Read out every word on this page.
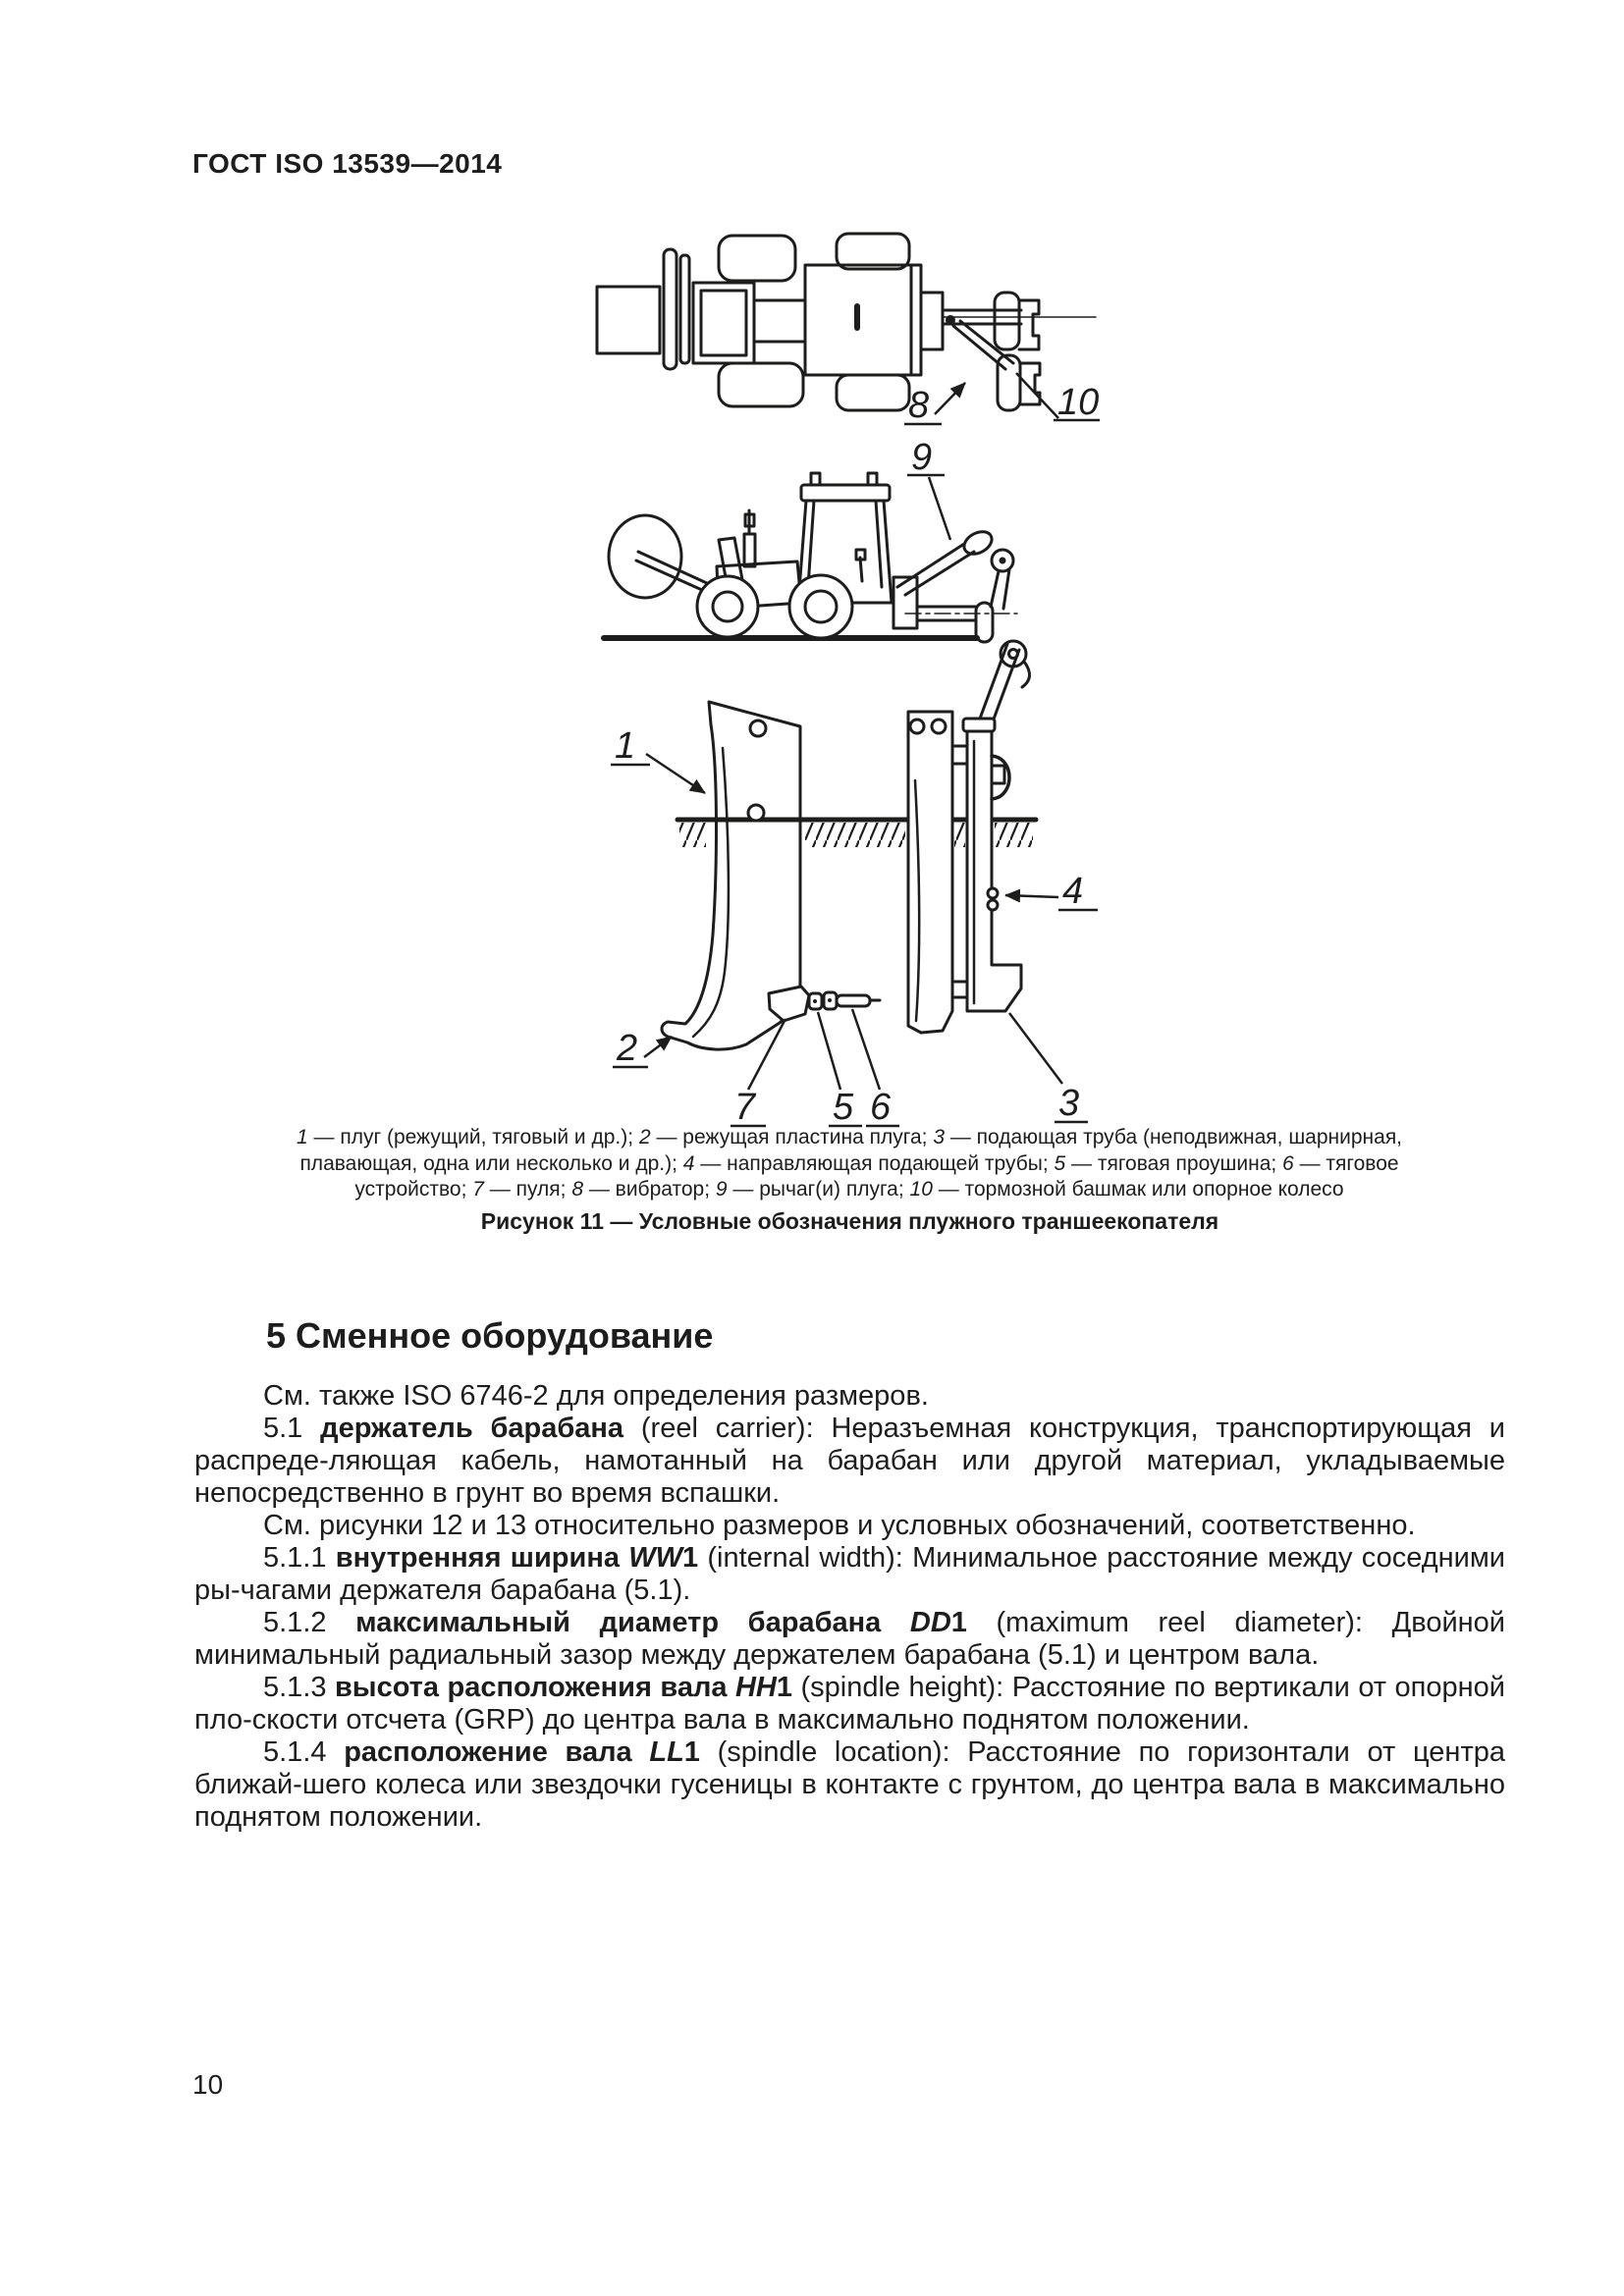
ГОСТ ISO 13539—2014
8	10
9
1
2
7 5 6	3
4
1 — плуг (режущий, тяговый и др.); 2 — режущая пластина плуга; 3 — подающая труба (неподвижная, шарнирная, плавающая, одна или несколько и др.); 4 — направляющая подающей трубы; 5 — тяговая проушина; 6 — тяговое устройство; 7 — пуля; 8 — вибратор; 9 — рычаг(и) плуга; 10 — тормозной башмак или опорное колесо
Рисунок 11 — Условные обозначения плужного траншеекопателя
5 Сменное оборудование

См. также ISO 6746-2 для определения размеров.

5.1 держатель барабана (reel carrier): Неразъемная конструкция, транспортирующая и распреде-ляющая кабель, намотанный на барабан или другой материал, укладываемые непосредственно в грунт во время вспашки.

См. рисунки 12 и 13 относительно размеров и условных обозначений, соответственно.

5.1.1 внутренняя ширина WW1 (internal width): Минимальное расстояние между соседними ры-чагами держателя барабана (5.1).

5.1.2 максимальный диаметр барабана DD1 (maximum reel diameter): Двойной минимальный радиальный зазор между держателем барабана (5.1) и центром вала.

5.1.3 высота расположения вала HH1 (spindle height): Расстояние по вертикали от опорной пло-скости отсчета (GRP) до центра вала в максимально поднятом положении.

5.1.4 расположение вала LL1 (spindle location): Расстояние по горизонтали от центра ближай-шего колеса или звездочки гусеницы в контакте с грунтом, до центра вала в максимально поднятом положении.

10
